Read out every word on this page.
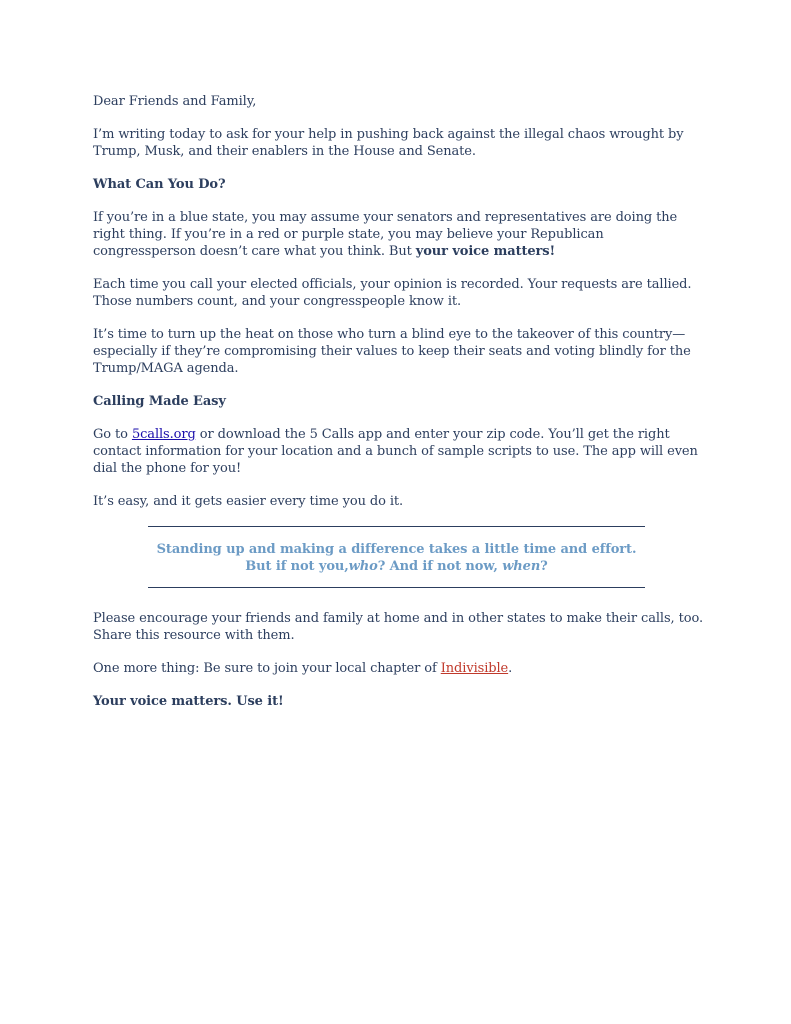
Dear Friends and Family,

I’m writing today to ask for your help in pushing back against the illegal chaos wrought by Trump, Musk, and their enablers in the House and Senate.

What Can You Do?

If you’re in a blue state, you may assume your senators and representatives are doing the right thing. If you’re in a red or purple state, you may believe your Republican congressperson doesn’t care what you think. But your voice matters!

Each time you call your elected officials, your opinion is recorded. Your requests are tallied. Those numbers count, and your congresspeople know it.

It’s time to turn up the heat on those who turn a blind eye to the takeover of this country—especially if they’re compromising their values to keep their seats and voting blindly for the Trump/MAGA agenda.

Calling Made Easy

Go to 5calls.org or download the 5 Calls app and enter your zip code. You’ll get the right contact information for your location and a bunch of sample scripts to use. The app will even dial the phone for you!

It’s easy, and it gets easier every time you do it.

Standing up and making a difference takes a little time and effort. But if not you,who? And if not now, when?

Please encourage your friends and family at home and in other states to make their calls, too. Share this resource with them.

One more thing: Be sure to join your local chapter of Indivisible.

Your voice matters. Use it!
